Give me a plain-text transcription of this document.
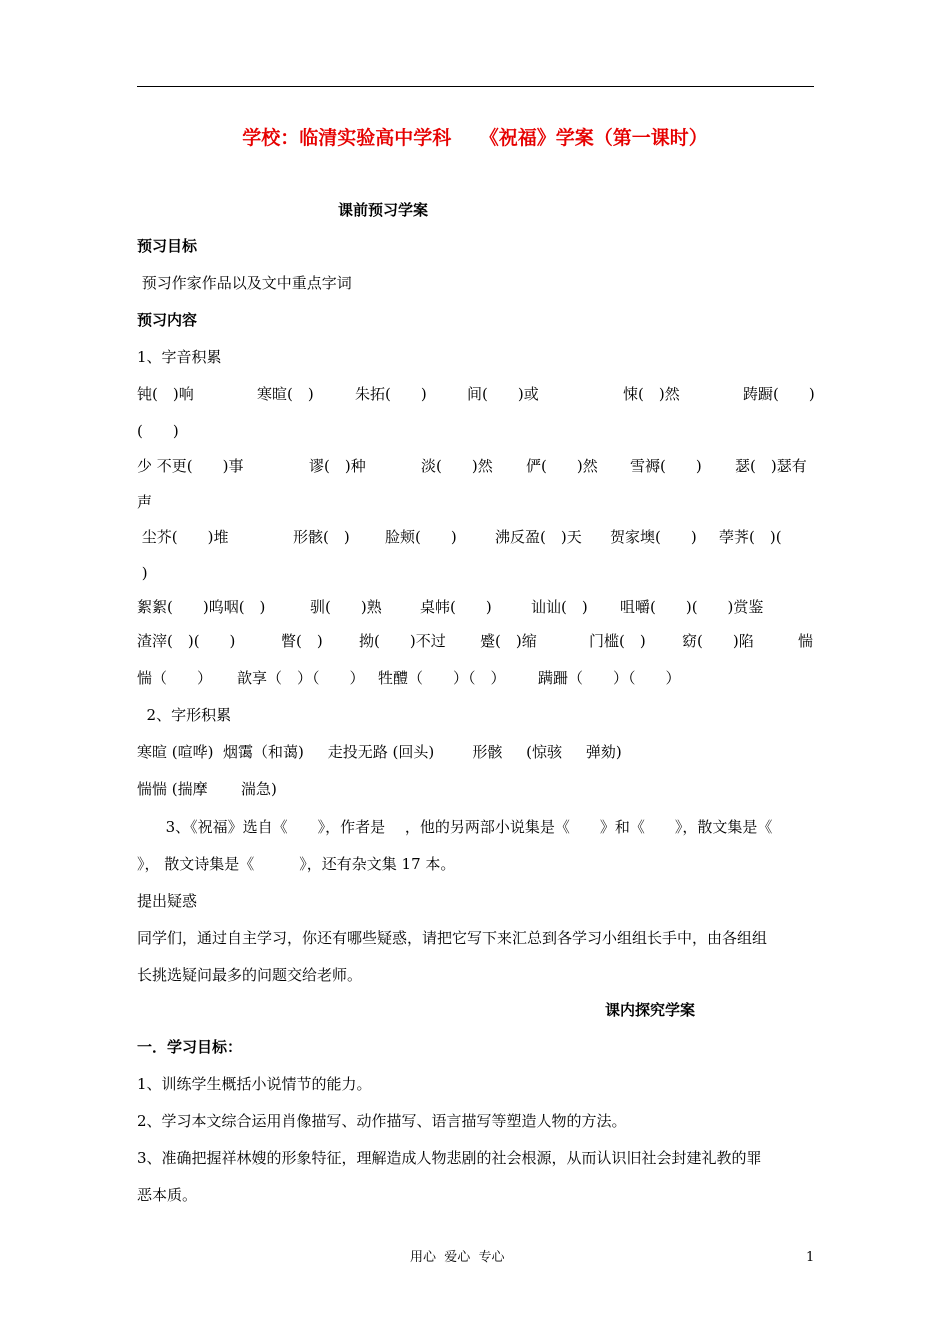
学校：临清实验高中学科　　《祝福》学案（第一课时）
课前预习学案
预习目标
预习作家作品以及文中重点字词
预习内容
1、字音积累
钝(　)响	寒暄(　)	朱拓(　　)	间(　　)或	悚(　)然	踌蹰(　　)
(　　)
少 不更(　　)事	谬(　)种	淡(　　)然 俨(　　)然 雪褥(　　) 瑟(　)瑟有
声
尘芥(　　)堆	形骸(　) 脸颊(　　)	沸反盈(　)天 贺家墺(　　) 荸荠(　)(
)
絮絮(　　)呜咽(　)	驯(　　)熟	桌帏(　　)	讪讪(　) 咀嚼(　　)(　　)赏鉴
渣滓(　)(　　)	瞥(　) 拗(　　)不过 蹙(　)缩	门槛(　) 窈(　　)陷	惴
惴（　　） 歆享（　）（　　） 牲醴（　　）（　） 蹒跚（　　）（　　）
2、字形积累
寒暄 (喧哗)  烟霭（和蔼)     走投无路 (回头)        形骸     (惊骇     弹劾)
惴惴 (揣摩       湍急)
3、《祝福》选自《　　》，作者是　 ，他的另两部小说集是《　　》和《　　》，散文集是《
》， 散文诗集是《　　　》，还有杂文集 17 本。
提出疑惑
同学们，通过自主学习，你还有哪些疑惑，请把它写下来汇总到各学习小组组长手中，由各组组
长挑选疑问最多的问题交给老师。
课内探究学案
一．学习目标：
1、训练学生概括小说情节的能力。
2、学习本文综合运用肖像描写、动作描写、语言描写等塑造人物的方法。
3、准确把握祥林嫂的形象特征，理解造成人物悲剧的社会根源，从而认识旧社会封建礼教的罪
恶本质。
用心  爱心  专心	1
